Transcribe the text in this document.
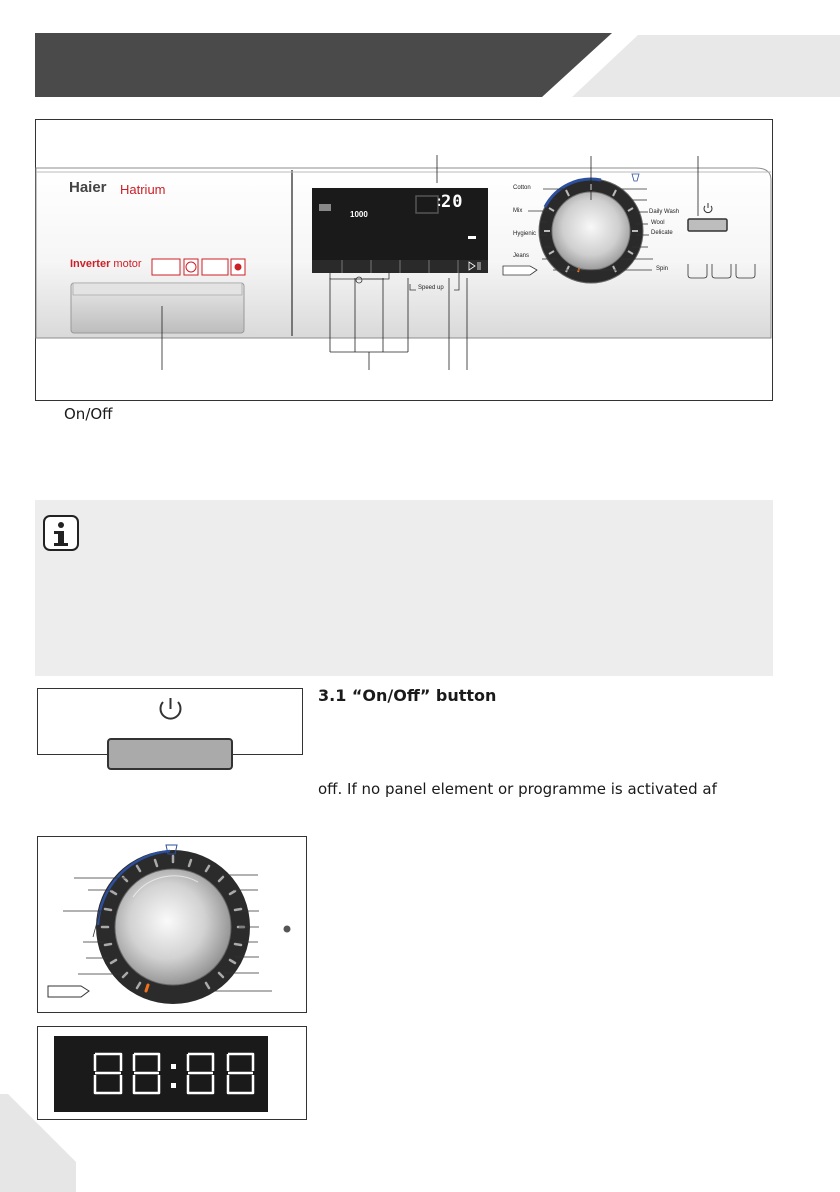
Haier Hatrium
Inverter motor
1000
20
:
Speed up
Cotton
Mix
Hygienic
Jeans
Daily Wash
Wool
Delicate
Spin
On/Off
3.1 “On/Off” button
off. If no panel element or programme is activated af
